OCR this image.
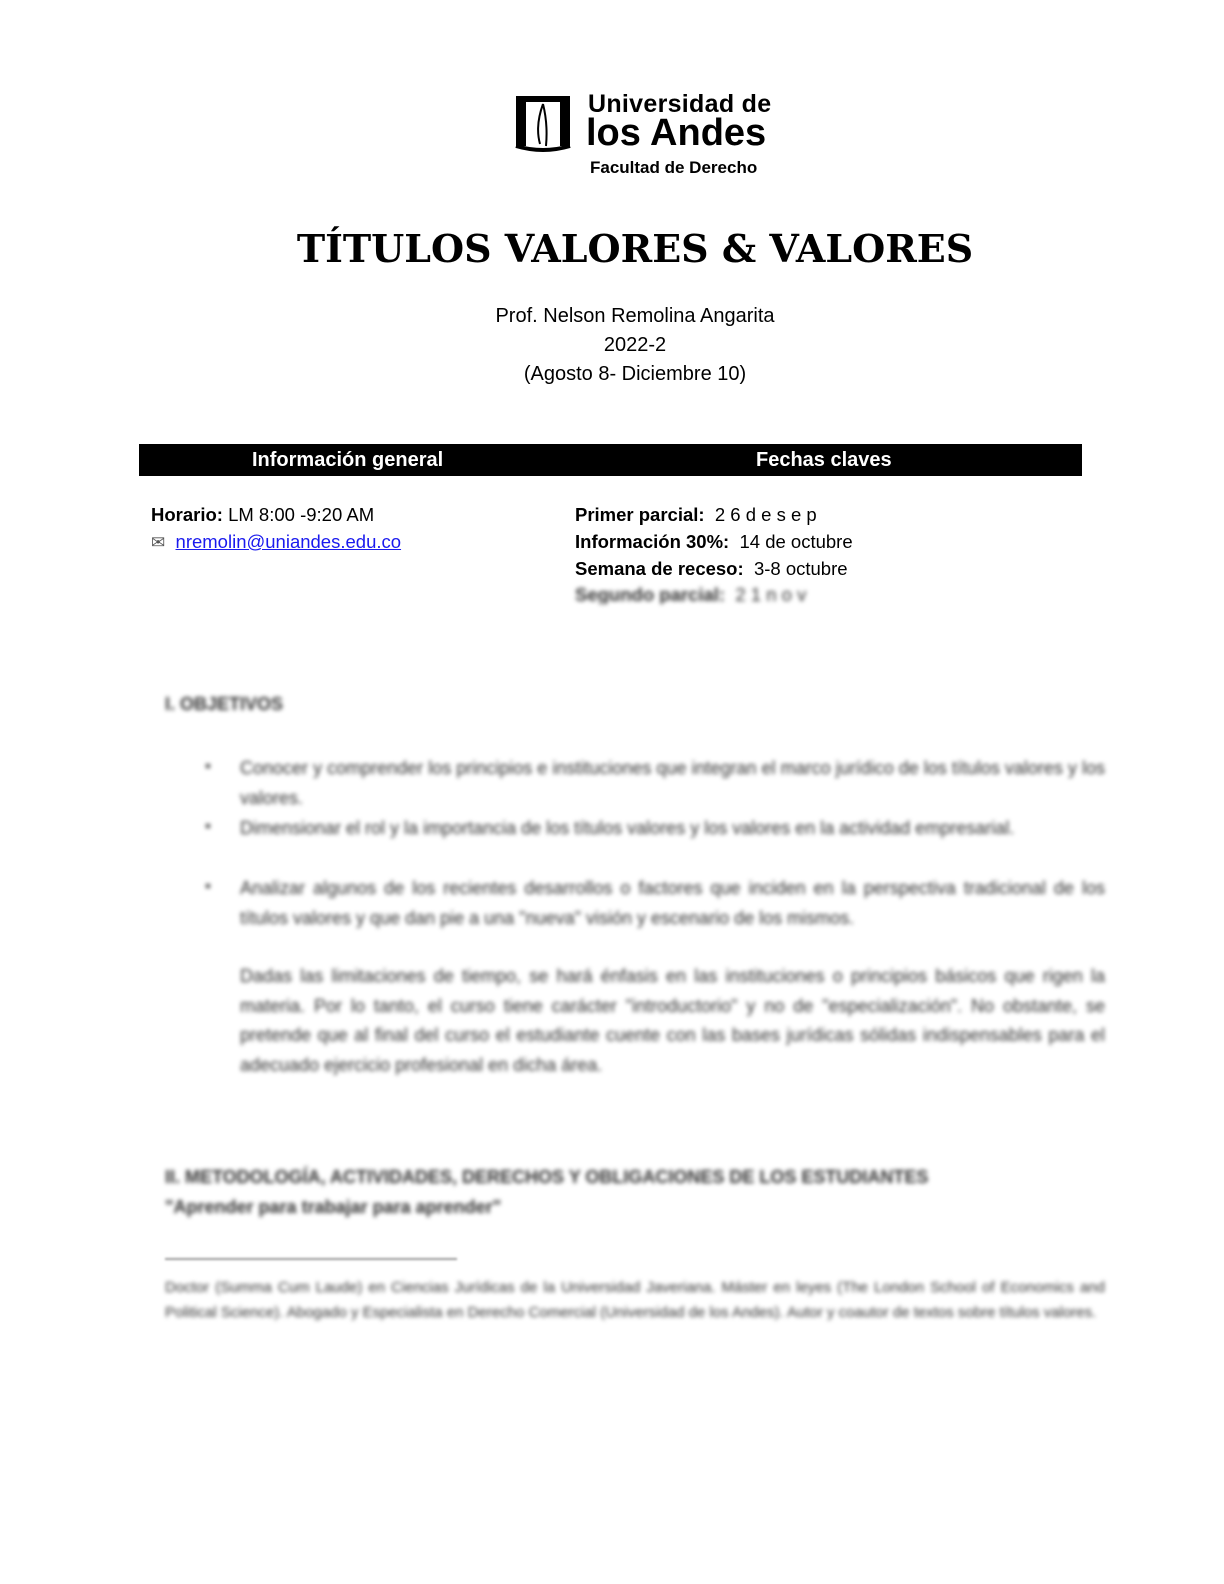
Universidad de
los Andes
Facultad de Derecho
TÍTULOS VALORES & VALORES
Prof. Nelson Remolina Angarita
2022-2
(Agosto 8- Diciembre 10)
Información general	Fechas claves
Horario: LM 8:00 -9:20 AM
✉ nremolin@uniandes.edu.co
Primer parcial: 2 6 d e s e p
Información 30%: 14 de octubre
Semana de receso: 3-8 octubre
Segundo parcial: 2 1 n o v
I. OBJETIVOS
▪ Conocer y comprender los principios e instituciones que integran el marco jurídico de los títulos valores y los valores.
▪ Dimensionar el rol y la importancia de los títulos valores y los valores en la actividad empresarial.
▪ Analizar algunos de los recientes desarrollos o factores que inciden en la perspectiva tradicional de los títulos valores y que dan pie a una "nueva" visión y escenario de los mismos.
Dadas las limitaciones de tiempo, se hará énfasis en las instituciones o principios básicos que rigen la materia. Por lo tanto, el curso tiene carácter "introductorio" y no de "especialización". No obstante, se pretende que al final del curso el estudiante cuente con las bases jurídicas sólidas indispensables para el adecuado ejercicio profesional en dicha área.
II. METODOLOGÍA, ACTIVIDADES, DERECHOS Y OBLIGACIONES DE LOS ESTUDIANTES
"Aprender para trabajar para aprender"
Doctor (Summa Cum Laude) en Ciencias Jurídicas de la Universidad Javeriana. Máster en leyes (The London School of Economics and Political Science). Abogado y Especialista en Derecho Comercial (Universidad de los Andes). Autor y coautor de textos sobre títulos valores.
